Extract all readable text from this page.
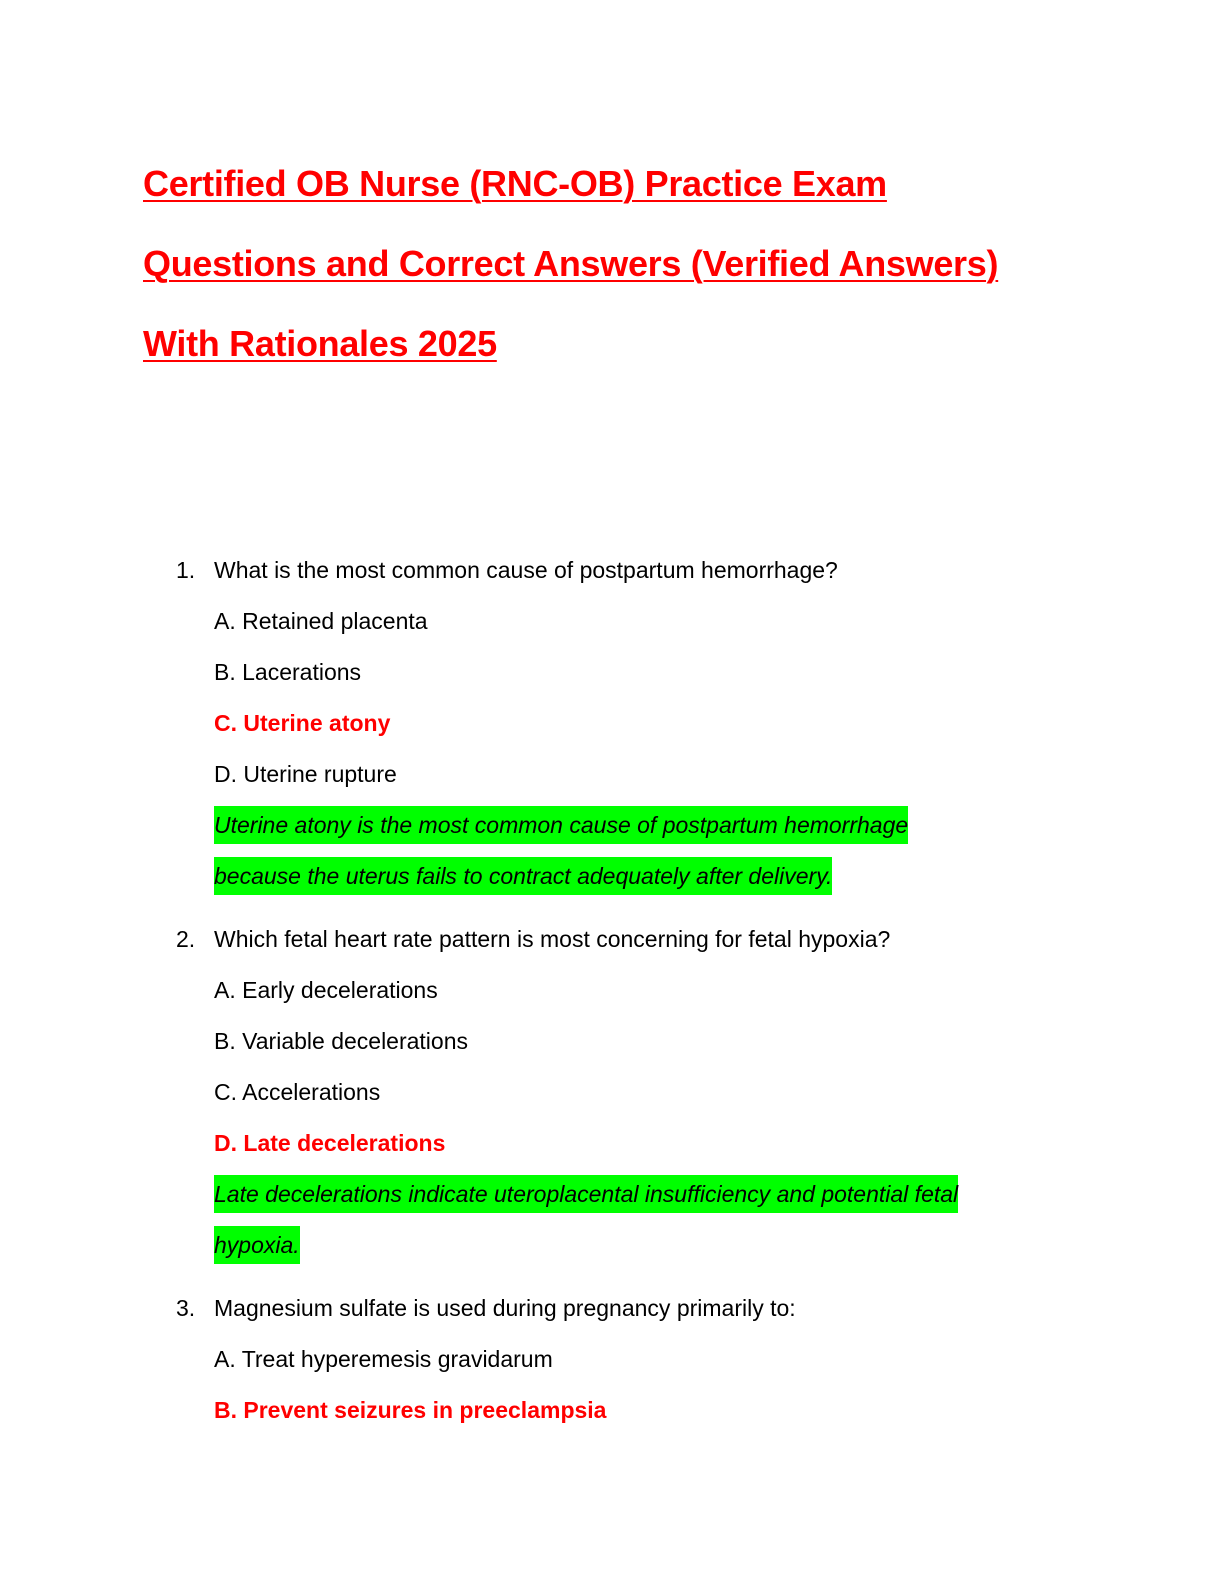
Certified OB Nurse (RNC-OB) Practice Exam
Questions and Correct Answers (Verified Answers)
With Rationales 2025
1. What is the most common cause of postpartum hemorrhage?
A. Retained placenta
B. Lacerations
C. Uterine atony
D. Uterine rupture
Uterine atony is the most common cause of postpartum hemorrhage
because the uterus fails to contract adequately after delivery.
2. Which fetal heart rate pattern is most concerning for fetal hypoxia?
A. Early decelerations
B. Variable decelerations
C. Accelerations
D. Late decelerations
Late decelerations indicate uteroplacental insufficiency and potential fetal
hypoxia.
3. Magnesium sulfate is used during pregnancy primarily to:
A. Treat hyperemesis gravidarum
B. Prevent seizures in preeclampsia
